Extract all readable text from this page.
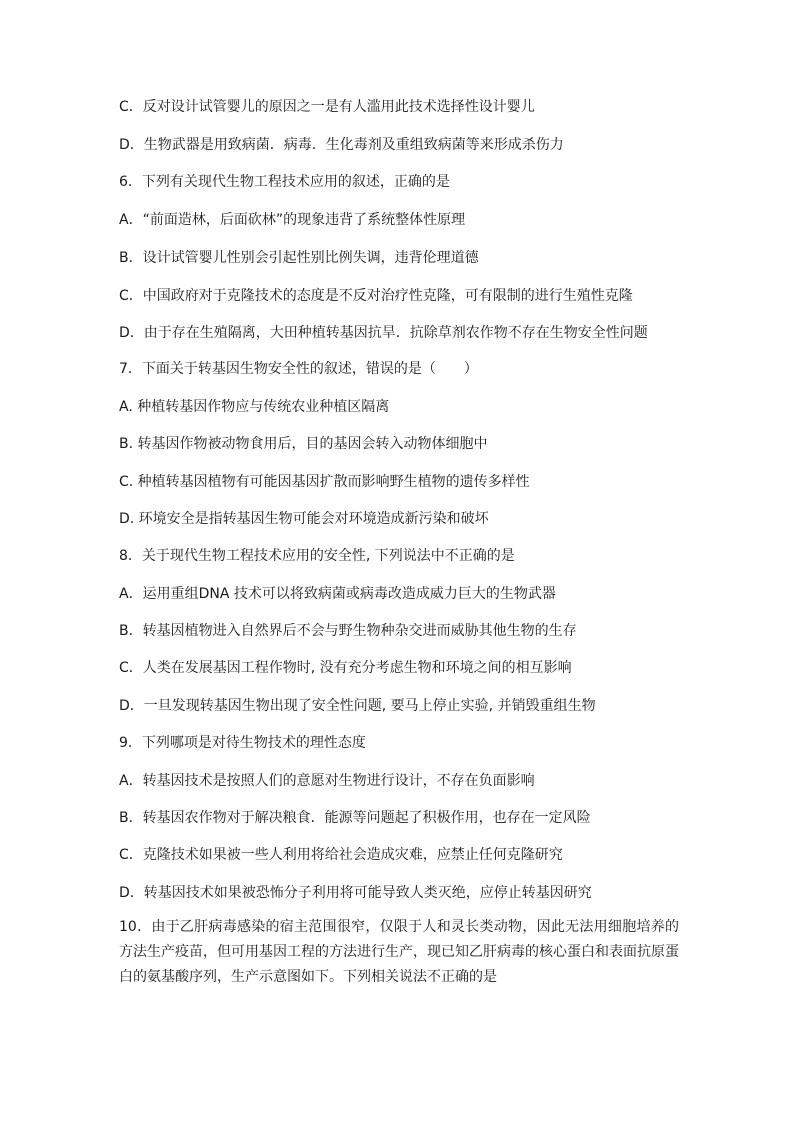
C．反对设计试管婴儿的原因之一是有人滥用此技术选择性设计婴儿
D．生物武器是用致病菌．病毒．生化毒剂及重组致病菌等来形成杀伤力
6．下列有关现代生物工程技术应用的叙述，正确的是
A．“前面造林，后面砍林”的现象违背了系统整体性原理
B．设计试管婴儿性别会引起性别比例失调，违背伦理道德
C．中国政府对于克隆技术的态度是不反对治疗性克隆，可有限制的进行生殖性克隆
D．由于存在生殖隔离，大田种植转基因抗旱．抗除草剂农作物不存在生物安全性问题
7．下面关于转基因生物安全性的叙述，错误的是（　　）
A. 种植转基因作物应与传统农业种植区隔离
B. 转基因作物被动物食用后，目的基因会转入动物体细胞中
C. 种植转基因植物有可能因基因扩散而影响野生植物的遗传多样性
D. 环境安全是指转基因生物可能会对环境造成新污染和破坏
8．关于现代生物工程技术应用的安全性, 下列说法中不正确的是
A．运用重组DNA 技术可以将致病菌或病毒改造成威力巨大的生物武器
B．转基因植物进入自然界后不会与野生物种杂交进而威胁其他生物的生存
C．人类在发展基因工程作物时, 没有充分考虑生物和环境之间的相互影响
D．一旦发现转基因生物出现了安全性问题, 要马上停止实验, 并销毁重组生物
9．下列哪项是对待生物技术的理性态度
A．转基因技术是按照人们的意愿对生物进行设计，不存在负面影响
B．转基因农作物对于解决粮食．能源等问题起了积极作用，也存在一定风险
C．克隆技术如果被一些人利用将给社会造成灾难，应禁止任何克隆研究
D．转基因技术如果被恐怖分子利用将可能导致人类灭绝，应停止转基因研究
10．由于乙肝病毒感染的宿主范围很窄，仅限于人和灵长类动物，因此无法用细胞培养的方法生产疫苗，但可用基因工程的方法进行生产，现已知乙肝病毒的核心蛋白和表面抗原蛋白的氨基酸序列，生产示意图如下。下列相关说法不正确的是
